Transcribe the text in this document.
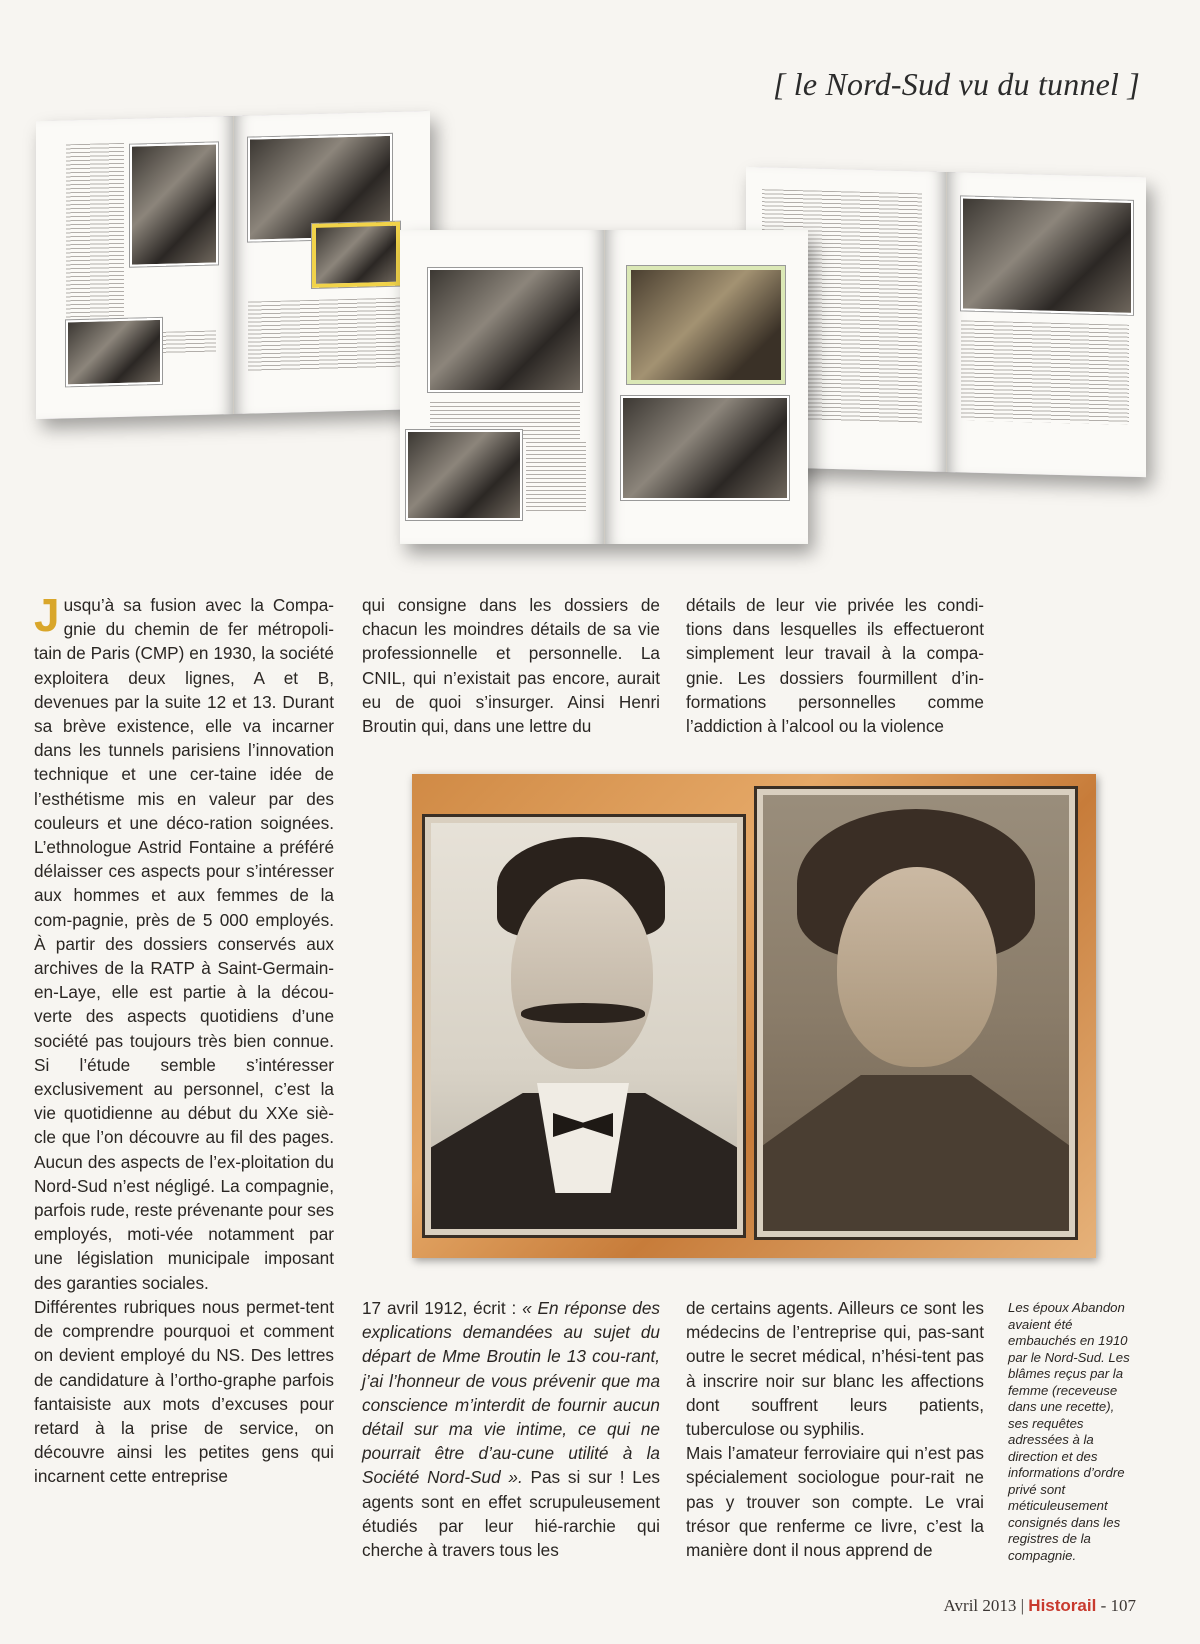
[ le Nord-Sud vu du tunnel ]

Jusqu’à sa fusion avec la Compa-gnie du chemin de fer métropoli-tain de Paris (CMP) en 1930, la société exploitera deux lignes, A et B, devenues par la suite 12 et 13. Durant sa brève existence, elle va incarner dans les tunnels parisiens l’innovation technique et une cer-taine idée de l’esthétisme mis en valeur par des couleurs et une déco-ration soignées. L’ethnologue Astrid Fontaine a préféré délaisser ces aspects pour s’intéresser aux hommes et aux femmes de la com-pagnie, près de 5 000 employés. À partir des dossiers conservés aux archives de la RATP à Saint-Germain-en-Laye, elle est partie à la décou-verte des aspects quotidiens d’une société pas toujours très bien connue. Si l’étude semble s’intéresser exclusivement au personnel, c’est la vie quotidienne au début du XXe siè-cle que l’on découvre au fil des pages. Aucun des aspects de l’ex-ploitation du Nord-Sud n’est négligé. La compagnie, parfois rude, reste prévenante pour ses employés, moti-vée notamment par une législation municipale imposant des garanties sociales.

Différentes rubriques nous permet-tent de comprendre pourquoi et comment on devient employé du NS. Des lettres de candidature à l’ortho-graphe parfois fantaisiste aux mots d’excuses pour retard à la prise de service, on découvre ainsi les petites gens qui incarnent cette entreprise

qui consigne dans les dossiers de chacun les moindres détails de sa vie professionnelle et personnelle. La CNIL, qui n’existait pas encore, aurait eu de quoi s’insurger. Ainsi Henri Broutin qui, dans une lettre du

détails de leur vie privée les condi-tions dans lesquelles ils effectueront simplement leur travail à la compa-gnie. Les dossiers fourmillent d’in-formations personnelles comme l’addiction à l’alcool ou la violence

17 avril 1912, écrit : « En réponse des explications demandées au sujet du départ de Mme Broutin le 13 cou-rant, j’ai l’honneur de vous prévenir que ma conscience m’interdit de fournir aucun détail sur ma vie intime, ce qui ne pourrait être d’au-cune utilité à la Société Nord-Sud ». Pas si sur ! Les agents sont en effet scrupuleusement étudiés par leur hié-rarchie qui cherche à travers tous les

de certains agents. Ailleurs ce sont les médecins de l’entreprise qui, pas-sant outre le secret médical, n’hési-tent pas à inscrire noir sur blanc les affections dont souffrent leurs patients, tuberculose ou syphilis.

Mais l’amateur ferroviaire qui n’est pas spécialement sociologue pour-rait ne pas y trouver son compte. Le vrai trésor que renferme ce livre, c’est la manière dont il nous apprend de

Les époux Abandon avaient été embauchés en 1910 par le Nord-Sud. Les blâmes reçus par la femme (receveuse dans une recette), ses requêtes adressées à la direction et des informations d’ordre privé sont méticuleusement consignés dans les registres de la compagnie.
Avril 2013 | Historail - 107
